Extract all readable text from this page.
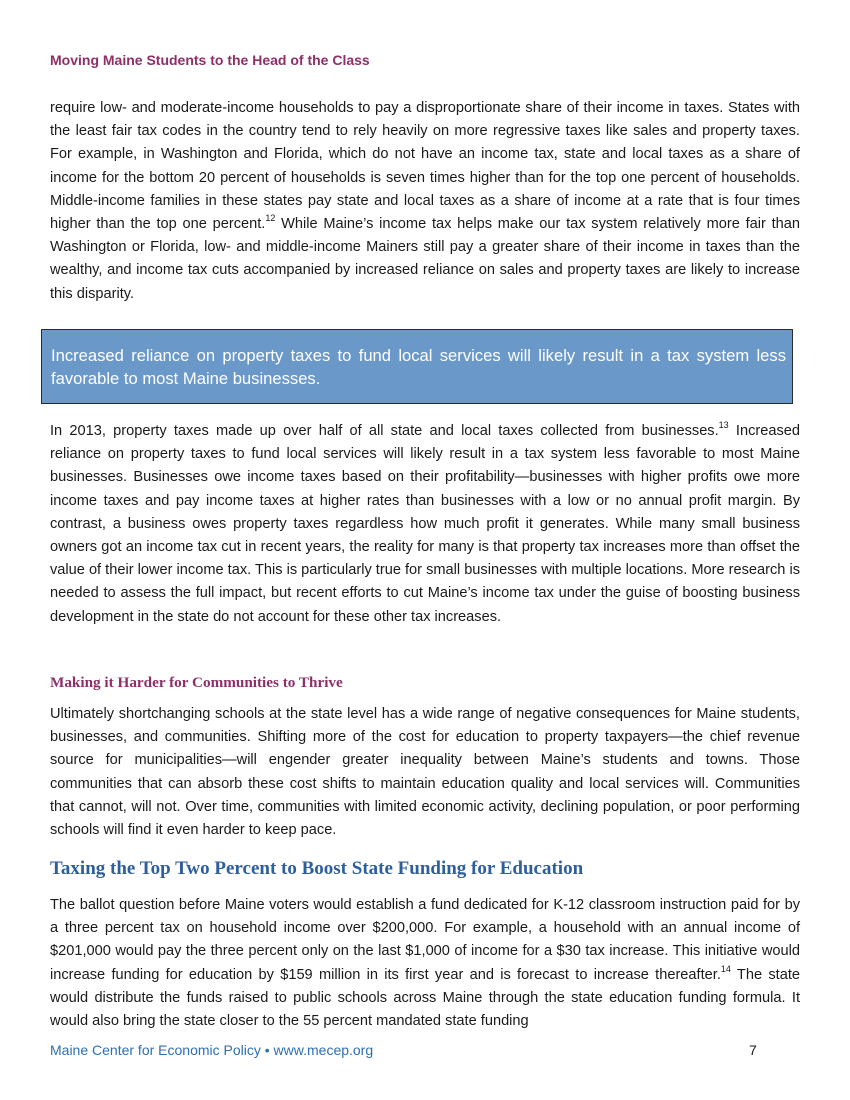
Moving Maine Students to the Head of the Class

require low- and moderate-income households to pay a disproportionate share of their income in taxes. States with the least fair tax codes in the country tend to rely heavily on more regressive taxes like sales and property taxes. For example, in Washington and Florida, which do not have an income tax, state and local taxes as a share of income for the bottom 20 percent of households is seven times higher than for the top one percent of households. Middle-income families in these states pay state and local taxes as a share of income at a rate that is four times higher than the top one percent.$^{12}$ While Maine’s income tax helps make our tax system relatively more fair than Washington or Florida, low- and middle-income Mainers still pay a greater share of their income in taxes than the wealthy, and income tax cuts accompanied by increased reliance on sales and property taxes are likely to increase this disparity.

Increased reliance on property taxes to fund local services will likely result in a tax system less favorable to most Maine businesses.

In 2013, property taxes made up over half of all state and local taxes collected from businesses.$^{13}$ Increased reliance on property taxes to fund local services will likely result in a tax system less favorable to most Maine businesses. Businesses owe income taxes based on their profitability—businesses with higher profits owe more income taxes and pay income taxes at higher rates than businesses with a low or no annual profit margin. By contrast, a business owes property taxes regardless how much profit it generates. While many small business owners got an income tax cut in recent years, the reality for many is that property tax increases more than offset the value of their lower income tax. This is particularly true for small businesses with multiple locations. More research is needed to assess the full impact, but recent efforts to cut Maine’s income tax under the guise of boosting business development in the state do not account for these other tax increases.

Making it Harder for Communities to Thrive

Ultimately shortchanging schools at the state level has a wide range of negative consequences for Maine students, businesses, and communities. Shifting more of the cost for education to property taxpayers—the chief revenue source for municipalities—will engender greater inequality between Maine’s students and towns. Those communities that can absorb these cost shifts to maintain education quality and local services will. Communities that cannot, will not. Over time, communities with limited economic activity, declining population, or poor performing schools will find it even harder to keep pace.

Taxing the Top Two Percent to Boost State Funding for Education

The ballot question before Maine voters would establish a fund dedicated for K-12 classroom instruction paid for by a three percent tax on household income over $200,000. For example, a household with an annual income of $201,000 would pay the three percent only on the last $1,000 of income for a $30 tax increase. This initiative would increase funding for education by $159 million in its first year and is forecast to increase thereafter.$^{14}$ The state would distribute the funds raised to public schools across Maine through the state education funding formula. It would also bring the state closer to the 55 percent mandated state funding

Maine Center for Economic Policy • www.mecep.org	7
